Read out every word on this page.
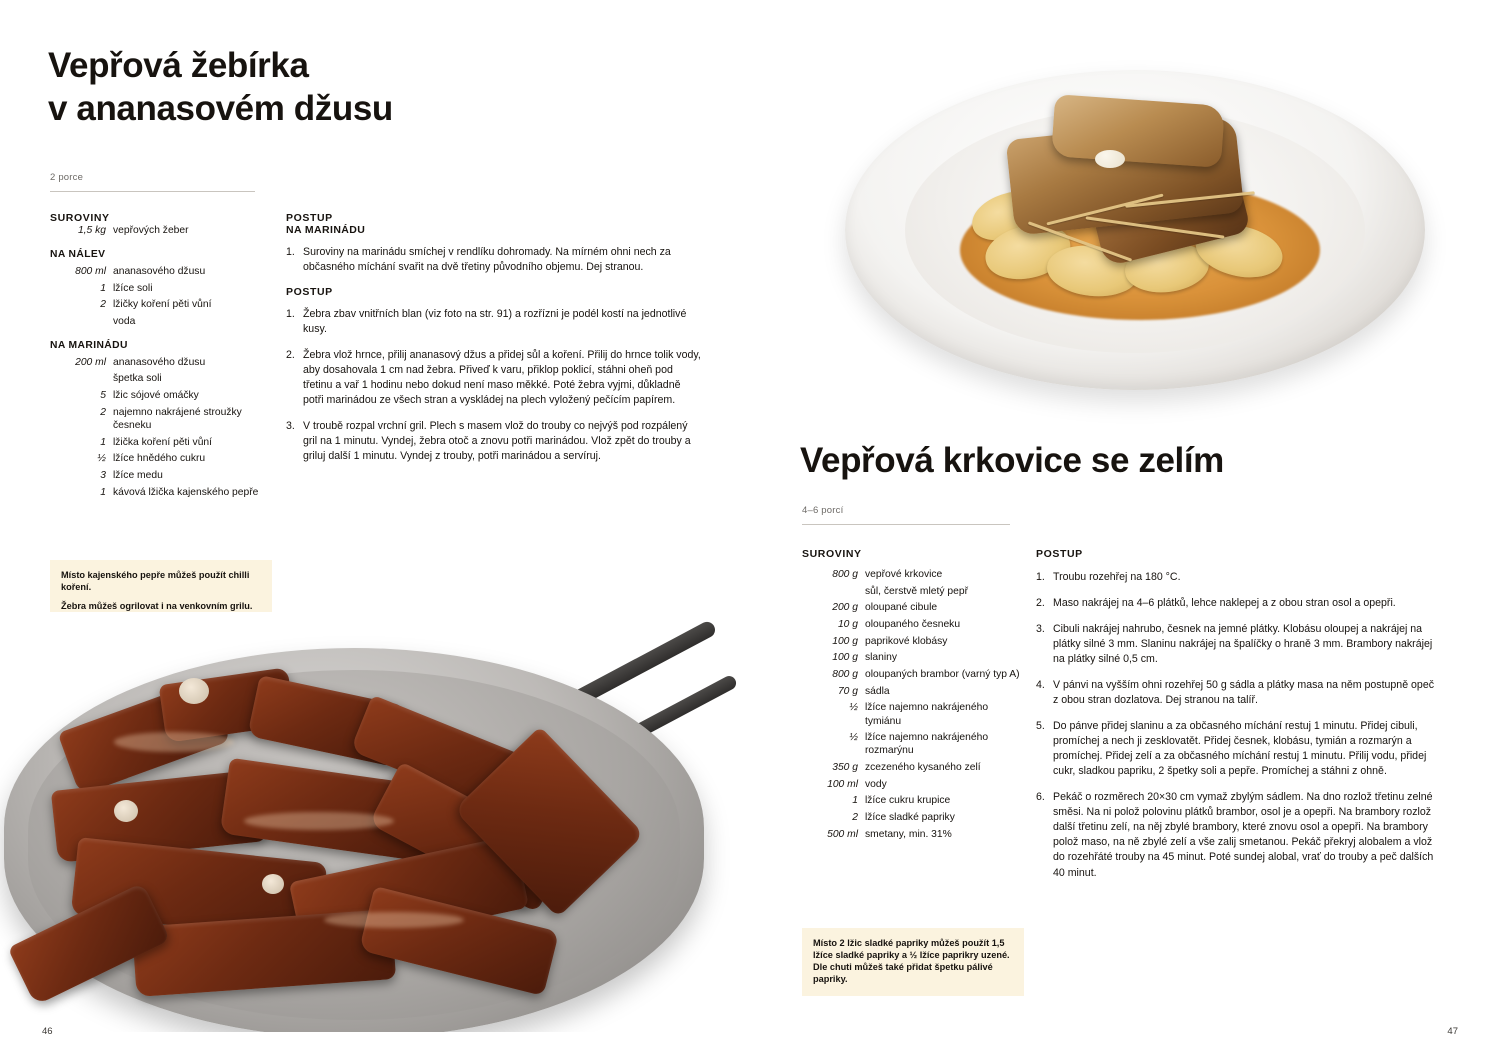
Vepřová žebírka
v ananasovém džusu
2 porce
SUROVINY
1,5 kg	vepřových žeber
NA NÁLEV	
800 ml	ananasového džusu
1	lžíce soli
2	lžičky koření pěti vůní
	voda
NA MARINÁDU	
200 ml	ananasového džusu
	špetka soli
5	lžic sójové omáčky
2	najemno nakrájené stroužky česneku
1	lžička koření pěti vůní
½	lžíce hnědého cukru
3	lžíce medu
1	kávová lžička kajenského pepře
POSTUP
NA MARINÁDU
1. Suroviny na marinádu smíchej v rendlíku dohromady. Na mírném ohni nech za občasného míchání svařit na dvě třetiny původního objemu. Dej stranou.
POSTUP
1. Žebra zbav vnitřních blan (viz foto na str. 91) a rozřízni je podél kostí na jednotlivé kusy.
2. Žebra vlož hrnce, přilij ananasový džus a přidej sůl a koření. Přilij do hrnce tolik vody, aby dosahovala 1 cm nad žebra. Přiveď k varu, přiklop poklicí, stáhni oheň pod třetinu a vař 1 hodinu nebo dokud není maso měkké. Poté žebra vyjmi, důkladně potři marinádou ze všech stran a vyskládej na plech vyložený pečícím papírem.
3. V troubě rozpal vrchní gril. Plech s masem vlož do trouby co nejvýš pod rozpálený gril na 1 minutu. Vyndej, žebra otoč a znovu potři marinádou. Vlož zpět do trouby a griluj další 1 minutu. Vyndej z trouby, potři marinádou a servíruj.

Místo kajenského pepře můžeš použít chilli koření.

Žebra můžeš ogrilovat i na venkovním grilu.

46
Vepřová krkovice se zelím
4–6 porcí
SUROVINY
800 g	vepřové krkovice
	sůl, čerstvě mletý pepř
200 g	oloupané cibule
10 g	oloupaného česneku
100 g	paprikové klobásy
100 g	slaniny
800 g	oloupaných brambor (varný typ A)
70 g	sádla
½	lžíce najemno nakrájeného tymiánu
½	lžíce najemno nakrájeného rozmarýnu
350 g	zcezeného kysaného zelí
100 ml	vody
1	lžíce cukru krupice
2	lžíce sladké papriky
500 ml	smetany, min. 31%
POSTUP
1. Troubu rozehřej na 180 °C.
2. Maso nakrájej na 4–6 plátků, lehce naklepej a z obou stran osol a opepři.
3. Cibuli nakrájej nahrubo, česnek na jemné plátky. Klobásu oloupej a nakrájej na plátky silné 3 mm. Slaninu nakrájej na špalíčky o hraně 3 mm. Brambory nakrájej na plátky silné 0,5 cm.
4. V pánvi na vyšším ohni rozehřej 50 g sádla a plátky masa na něm postupně opeč z obou stran dozlatova. Dej stranou na talíř.
5. Do pánve přidej slaninu a za občasného míchání restuj 1 minutu. Přidej cibuli, promíchej a nech ji zesklovatět. Přidej česnek, klobásu, tymián a rozmarýn a promíchej. Přidej zelí a za občasného míchání restuj 1 minutu. Přilij vodu, přidej cukr, sladkou papriku, 2 špetky soli a pepře. Promíchej a stáhni z ohně.
6. Pekáč o rozměrech 20×30 cm vymaž zbylým sádlem. Na dno rozlož třetinu zelné směsi. Na ni polož polovinu plátků brambor, osol je a opepři. Na brambory rozlož další třetinu zelí, na něj zbylé brambory, které znovu osol a opepři. Na brambory polož maso, na ně zbylé zelí a vše zalij smetanou. Pekáč překryj alobalem a vlož do rozehřáté trouby na 45 minut. Poté sundej alobal, vrať do trouby a peč dalších 40 minut.

Místo 2 lžic sladké papriky můžeš použít 1,5 lžíce sladké papriky a ½ lžíce paprikry uzené. Dle chuti můžeš také přidat špetku pálivé papriky.

47
